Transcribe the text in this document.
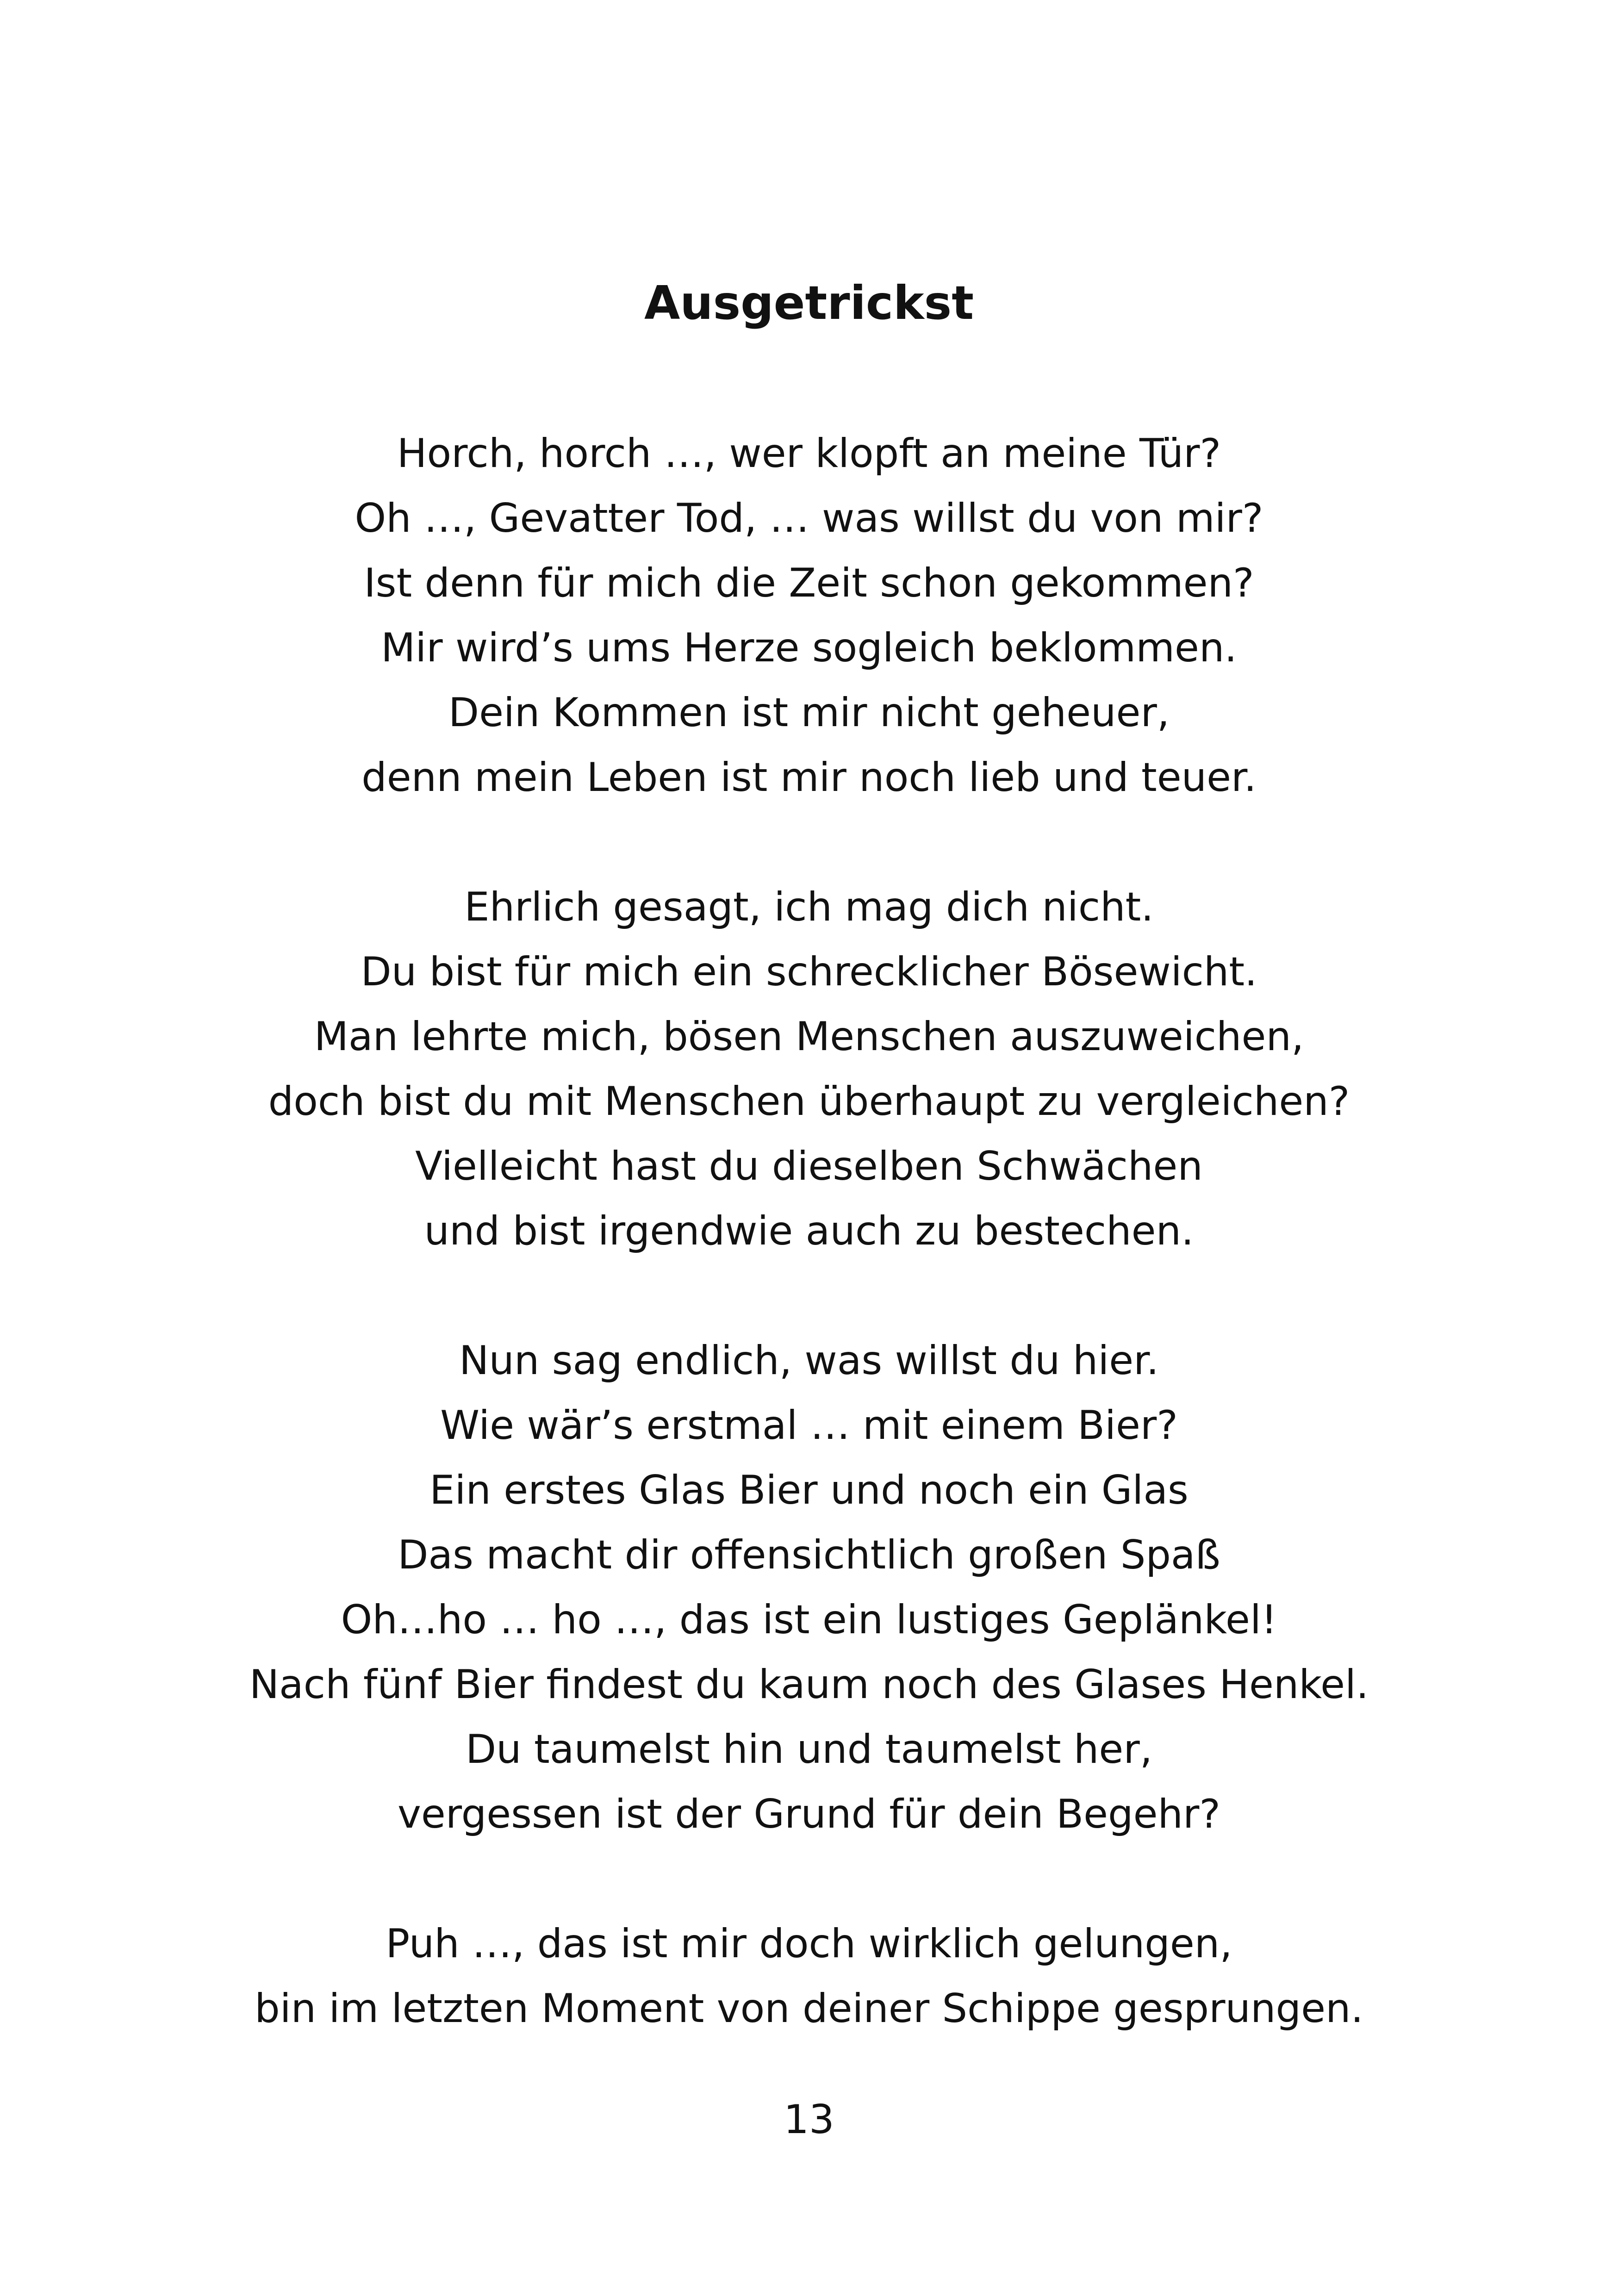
Ausgetrickst
Horch, horch …, wer klopft an meine Tür?
Oh …, Gevatter Tod, … was willst du von mir?
Ist denn für mich die Zeit schon gekommen?
Mir wird’s ums Herze sogleich beklommen.
Dein Kommen ist mir nicht geheuer,
denn mein Leben ist mir noch lieb und teuer.
Ehrlich gesagt, ich mag dich nicht.
Du bist für mich ein schrecklicher Bösewicht.
Man lehrte mich, bösen Menschen auszuweichen,
doch bist du mit Menschen überhaupt zu vergleichen?
Vielleicht hast du dieselben Schwächen
und bist irgendwie auch zu bestechen.
Nun sag endlich, was willst du hier.
Wie wär’s erstmal … mit einem Bier?
Ein erstes Glas Bier und noch ein Glas
Das macht dir offensichtlich großen Spaß
Oh…ho … ho …, das ist ein lustiges Geplänkel!
Nach fünf Bier findest du kaum noch des Glases Henkel.
Du taumelst hin und taumelst her,
vergessen ist der Grund für dein Begehr?
Puh …, das ist mir doch wirklich gelungen,
bin im letzten Moment von deiner Schippe gesprungen.
13
